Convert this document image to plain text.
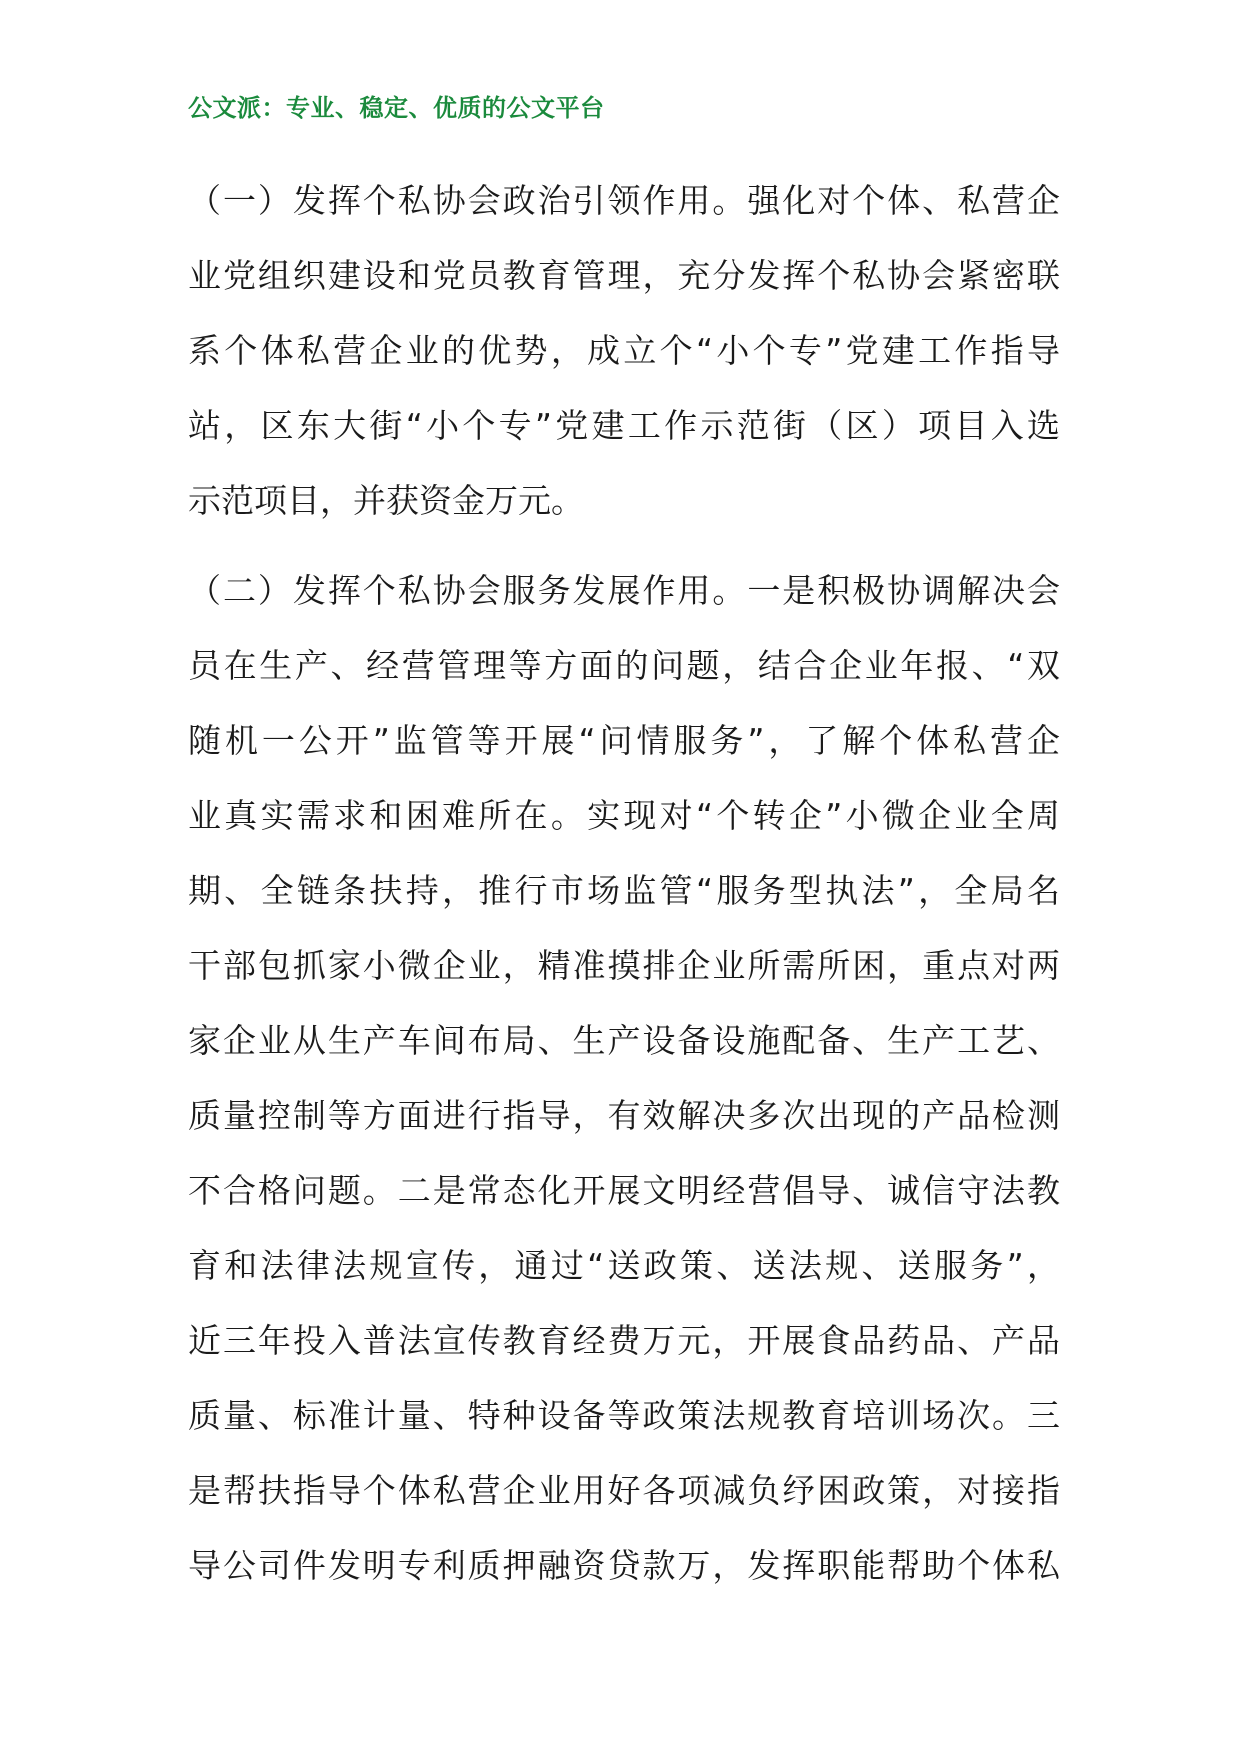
公文派：专业、稳定、优质的公文平台
（一）发挥个私协会政治引领作用。强化对个体、私营企
业党组织建设和党员教育管理，充分发挥个私协会紧密联
系个体私营企业的优势，成立个“小个专”党建工作指导
站，区东大街“小个专”党建工作示范街（区）项目入选
示范项目，并获资金万元。
（二）发挥个私协会服务发展作用。一是积极协调解决会
员在生产、经营管理等方面的问题，结合企业年报、“双
随机一公开”监管等开展“问情服务”，了解个体私营企
业真实需求和困难所在。实现对“个转企”小微企业全周
期、全链条扶持，推行市场监管“服务型执法”，全局名
干部包抓家小微企业，精准摸排企业所需所困，重点对两
家企业从生产车间布局、生产设备设施配备、生产工艺、
质量控制等方面进行指导，有效解决多次出现的产品检测
不合格问题。二是常态化开展文明经营倡导、诚信守法教
育和法律法规宣传，通过“送政策、送法规、送服务”，
近三年投入普法宣传教育经费万元，开展食品药品、产品
质量、标准计量、特种设备等政策法规教育培训场次。三
是帮扶指导个体私营企业用好各项减负纾困政策，对接指
导公司件发明专利质押融资贷款万，发挥职能帮助个体私
